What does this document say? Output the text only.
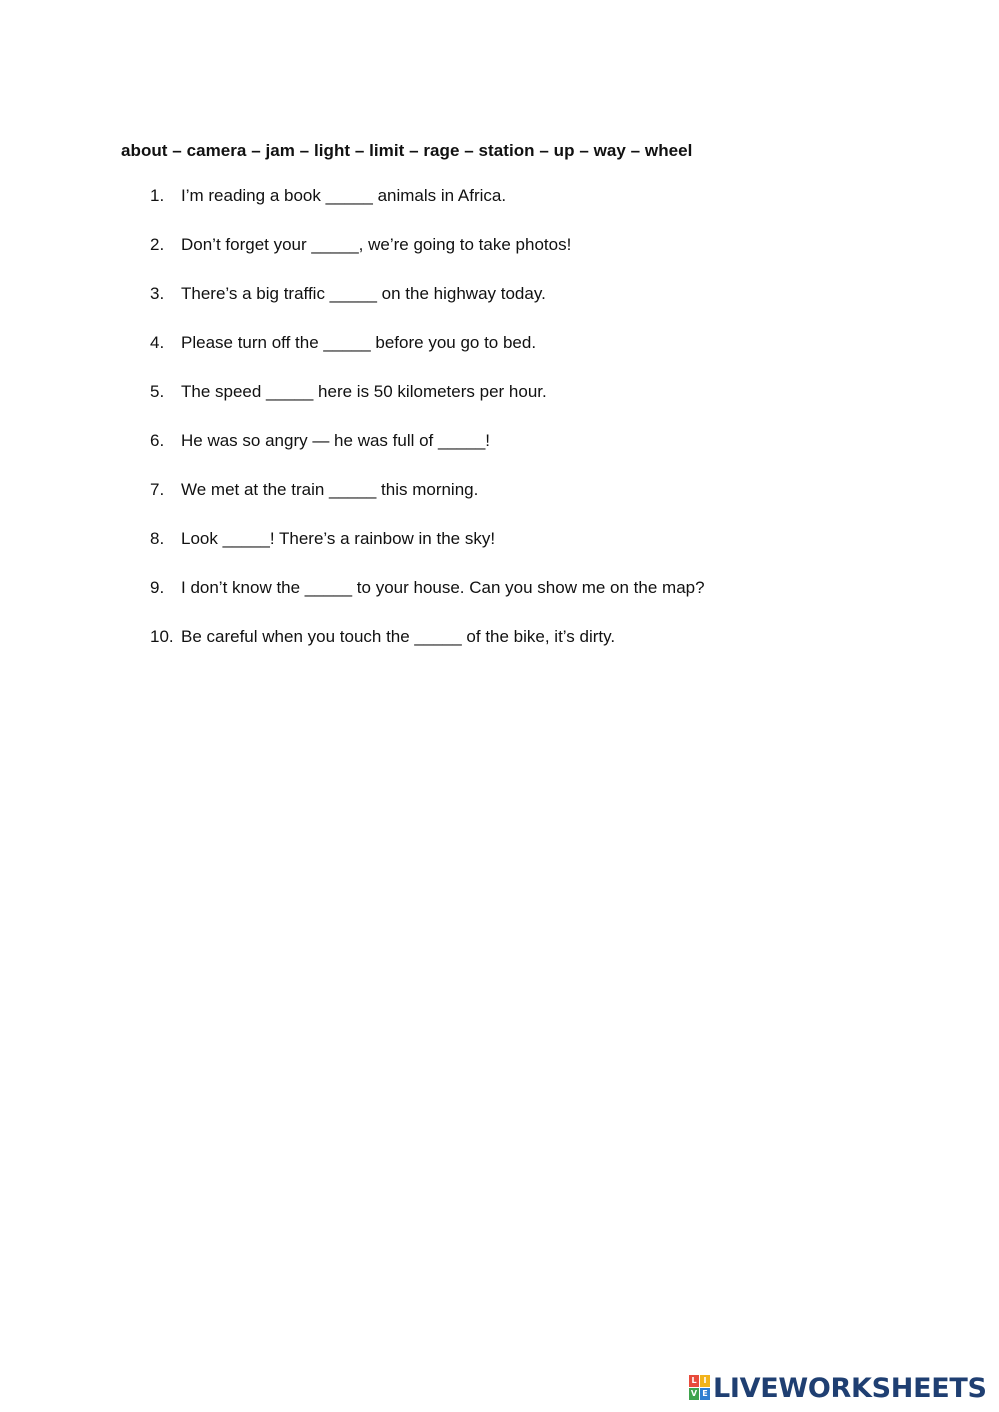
about – camera – jam – light – limit – rage – station – up – way – wheel
1. I’m reading a book _____ animals in Africa.
2. Don’t forget your _____, we’re going to take photos!
3. There’s a big traffic _____ on the highway today.
4. Please turn off the _____ before you go to bed.
5. The speed _____ here is 50 kilometers per hour.
6. He was so angry — he was full of _____!
7. We met at the train _____ this morning.
8. Look _____! There’s a rainbow in the sky!
9. I don’t know the _____ to your house. Can you show me on the map?
10. Be careful when you touch the _____ of the bike, it’s dirty.
L I
V E LIVEWORKSHEETS
